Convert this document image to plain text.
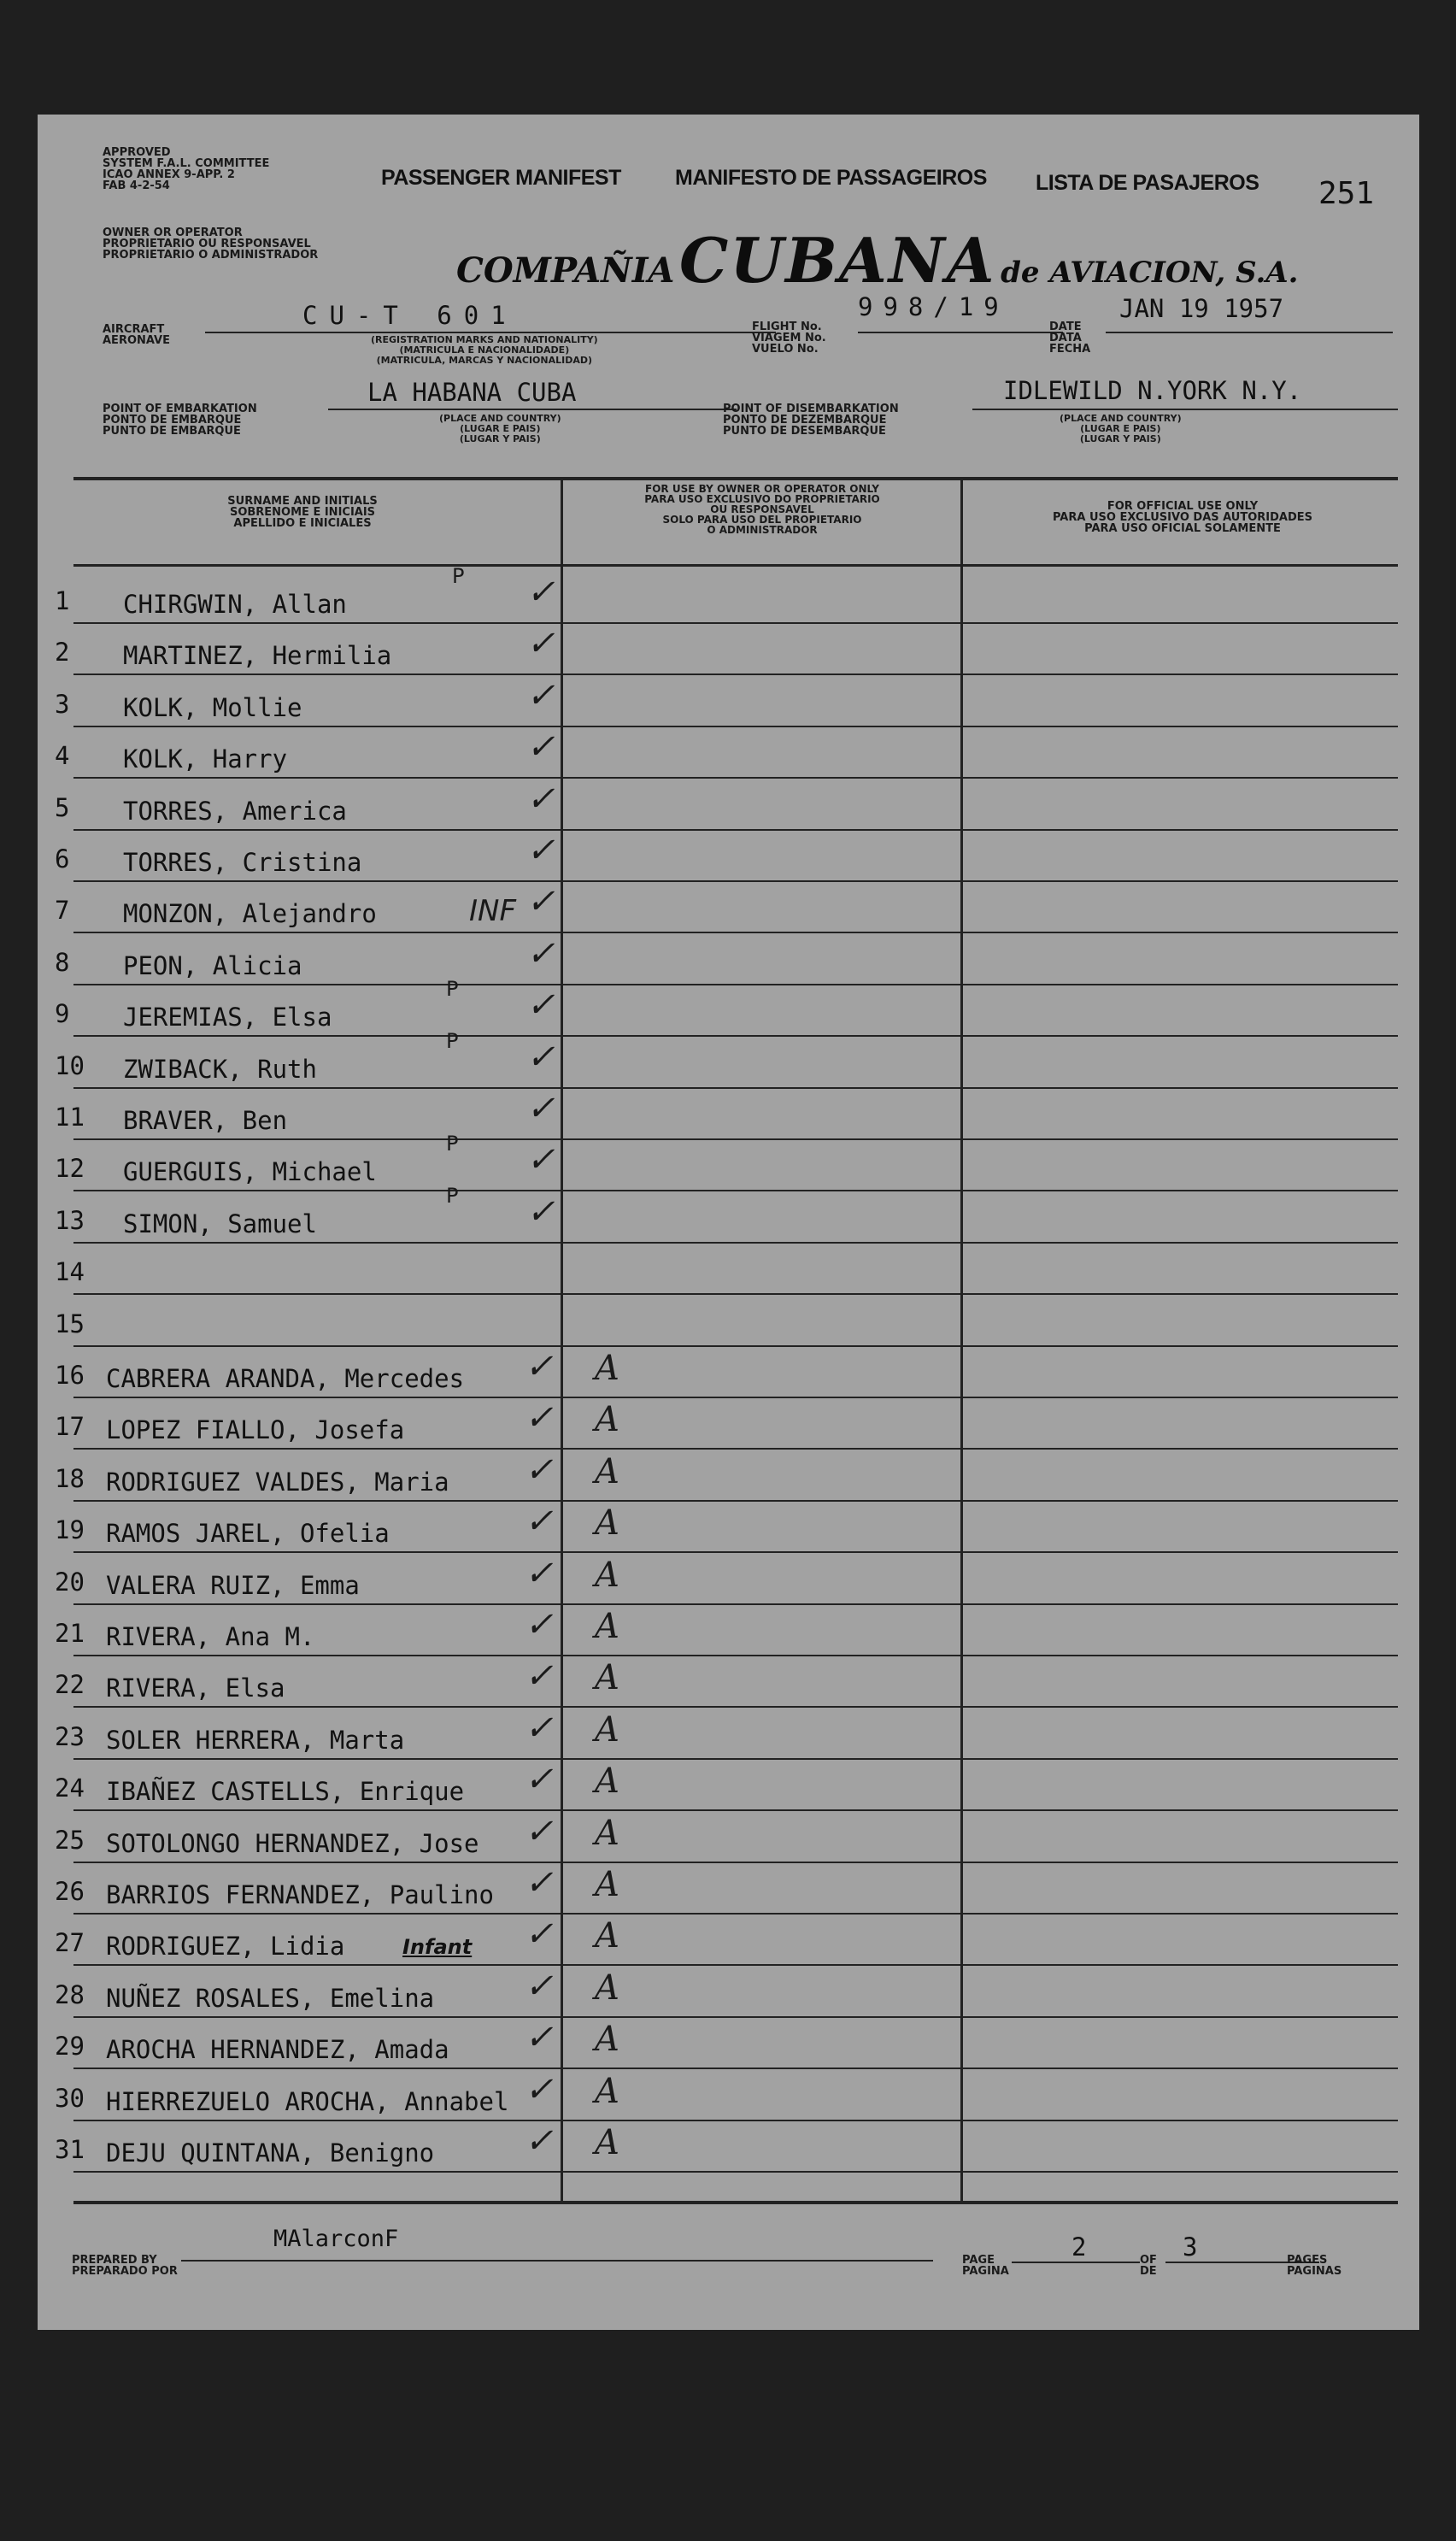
APPROVED
SYSTEM F.A.L. COMMITTEE
ICAO ANNEX 9-APP. 2
FAB 4-2-54	PASSENGER MANIFEST	MANIFESTO DE PASSAGEIROS LISTA DE PASAJEROS 251
OWNER OR OPERATOR
PROPRIETARIO OU RESPONSAVEL
PROPRIETARIO O ADMINISTRADOR	COMPAÑIA CUBANA de AVIACION, S.A.
AIRCRAFT
AERONAVE
CU-T 601
(REGISTRATION MARKS AND NATIONALITY)
(MATRICULA E NACIONALIDADE)
(MATRICULA, MARCAS Y NACIONALIDAD)
FLIGHT No.
VIAGEM No.
VUELO No.
998/19
DATE
DATA
FECHA
JAN 19 1957
POINT OF EMBARKATION
PONTO DE EMBARQUE
PUNTO DE EMBARQUE
LA HABANA CUBA
(PLACE AND COUNTRY)
(LUGAR E PAIS)
(LUGAR Y PAIS)
POINT OF DISEMBARKATION
PONTO DE DEZEMBARQUE
PUNTO DE DESEMBARQUE
IDLEWILD N.YORK N.Y.
(PLACE AND COUNTRY)
(LUGAR E PAIS)
(LUGAR Y PAIS)
SURNAME AND INITIALS
SOBRENOME E INICIAIS
APELLIDO E INICIALES
FOR USE BY OWNER OR OPERATOR ONLY
PARA USO EXCLUSIVO DO PROPRIETARIO
OU RESPONSAVEL
SOLO PARA USO DEL PROPIETARIO
O ADMINISTRADOR
FOR OFFICIAL USE ONLY
PARA USO EXCLUSIVO DAS AUTORIDADES
PARA USO OFICIAL SOLAMENTE
1 CHIRGWIN, Allan	✓
P
2 MARTINEZ, Hermilia	✓
3 KOLK, Mollie	✓
4 KOLK, Harry	✓
5 TORRES, America	✓
6 TORRES, Cristina	✓
7 MONZON, Alejandro	✓
INF
8 PEON, Alicia	✓
9 JEREMIAS, Elsa	✓
P
10 ZWIBACK, Ruth	✓
P
11 BRAVER, Ben	✓
12 GUERGUIS, Michael	✓
P
13 SIMON, Samuel	✓
P
14
15
16 CABRERA ARANDA, Mercedes ✓ A
17 LOPEZ FIALLO, Josefa	✓ A
18 RODRIGUEZ VALDES, Maria ✓ A
19 RAMOS JAREL, Ofelia	✓ A
20 VALERA RUIZ, Emma	✓ A
21 RIVERA, Ana M.	✓ A
22 RIVERA, Elsa	✓ A
23 SOLER HERRERA, Marta	✓ A
24 IBAÑEZ CASTELLS, Enrique ✓ A
25 SOTOLONGO HERNANDEZ, Jose ✓ A
26 BARRIOS FERNANDEZ, Paulino ✓ A
27 RODRIGUEZ, Lidia	✓ A
28 NUÑEZ ROSALES, Emelina	✓ A
29 AROCHA HERNANDEZ, Amada ✓ A
30 HIERREZUELO AROCHA, Annabel ✓ A
31 DEJU QUINTANA, Benigno	✓ A
Infant
PREPARED BY
PREPARADO POR
MAlarconF
PAGE
PAGINA
2	OF
DE
3	PAGES
PAGINAS
